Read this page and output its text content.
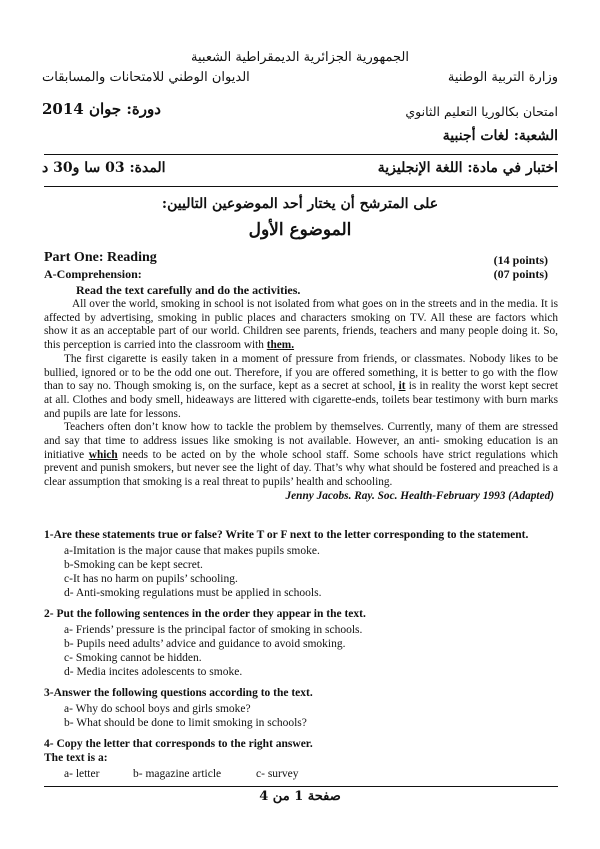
الجمهورية الجزائرية الديمقراطية الشعبية
وزارة التربية الوطنية
الديوان الوطني للامتحانات والمسابقات
امتحان بكالوريا التعليم الثانوي
دورة: جوان 2014
الشعبة: لغات أجنبية
اختبار في مادة: اللغة الإنجليزية
المدة: 03 سا و30 د
على المترشح أن يختار أحد الموضوعين التاليين:
الموضوع الأول
Part One: Reading	(14 points)
A-Comprehension:	(07 points)
Read the text carefully and do the activities.

All over the world, smoking in school is not isolated from what goes on in the streets and in the media. It is affected by advertising, smoking in public places and characters smoking on TV. All these are factors which show it as an acceptable part of our world. Children see parents, friends, teachers and many people doing it. So, this perception is carried into the classroom with them.

The first cigarette is easily taken in a moment of pressure from friends, or classmates. Nobody likes to be bullied, ignored or to be the odd one out. Therefore, if you are offered something, it is better to go with the flow than to say no. Though smoking is, on the surface, kept as a secret at school, it is in reality the worst kept secret at all. Clothes and body smell, hideaways are littered with cigarette-ends, toilets bear testimony with burn marks and pupils are late for lessons.

Teachers often don’t know how to tackle the problem by themselves. Currently, many of them are stressed and say that time to address issues like smoking is not available. However, an anti- smoking education is an initiative which needs to be acted on by the whole school staff. Some schools have strict regulations which prevent and punish smokers, but never see the light of day. That’s why what should be fostered and preached is a clear assumption that smoking is a real threat to pupils’ health and schooling.

Jenny Jacobs. Ray. Soc. Health-February 1993 (Adapted)

1-Are these statements true or false? Write T or F next to the letter corresponding to the statement.
a-Imitation is the major cause that makes pupils smoke.
b-Smoking can be kept secret.
c-It has no harm on pupils’ schooling.
d- Anti-smoking regulations must be applied in schools.
2- Put the following sentences in the order they appear in the text.
a- Friends’ pressure is the principal factor of smoking in schools.
b- Pupils need adults’ advice and guidance to avoid smoking.
c- Smoking cannot be hidden.
d- Media incites adolescents to smoke.
3-Answer the following questions according to the text.
a- Why do school boys and girls smoke?
b- What should be done to limit smoking in schools?
4- Copy the letter that corresponds to the right answer.
The text is a:
a- letter	b- magazine article	c- survey
صفحة 1 من 4
